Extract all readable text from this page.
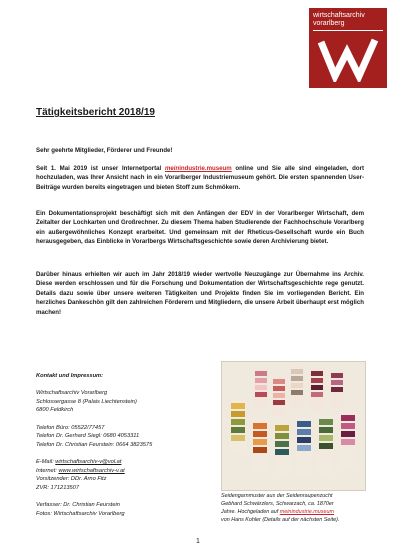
wirtschaftsarchiv
vorarlberg
Tätigkeitsbericht 2018/19

Sehr geehrte Mitglieder, Förderer und Freunde!

Seit 1. Mai 2019 ist unser Internetportal meinindustrie.museum online und Sie alle sind eingeladen, dort hochzuladen, was Ihrer Ansicht nach in ein Vorarlberger Industriemuseum gehört. Die ersten spannenden User-Beiträge wurden bereits eingetragen und bieten Stoff zum Schmökern.

Ein Dokumentationsprojekt beschäftigt sich mit den Anfängen der EDV in der Vorarlberger Wirtschaft, dem Zeitalter der Lochkarten und Großrechner. Zu diesem Thema haben Studierende der Fachhochschule Vorarlberg ein außergewöhnliches Konzept erarbeitet. Und gemeinsam mit der Rheticus-Gesellschaft wurde ein Buch herausgegeben, das Einblicke in Vorarlbergs Wirtschaftsgeschichte sowie deren Archivierung bietet.

Darüber hinaus erhielten wir auch im Jahr 2018/19 wieder wertvolle Neuzugänge zur Übernahme ins Archiv. Diese werden erschlossen und für die Forschung und Dokumentation der Wirtschaftsgeschichte rege genutzt. Details dazu sowie über unsere weiteren Tätigkeiten und Projekte finden Sie im vorliegenden Bericht. Ein herzliches Dankeschön gilt den zahlreichen Förderern und Mitgliedern, die unsere Arbeit überhaupt erst möglich machen!

Kontakt und Impressum:
Wirtschaftsarchiv Vorarlberg
Schlossergasse 8 (Palais Liechtenstein)
6800 Feldkirch
Telefon Büro: 05522/77457
Telefon Dr. Gerhard Siegl: 0680 4053311
Telefon Dr. Christian Feurstein: 0664 3823575
E-Mail: wirtschaftsarchiv-v@vol.at
Internet: www.wirtschaftsarchiv-v.at
Vorsitzender: DDr. Arno Fitz
ZVR: 171213507
Verfasser: Dr. Christian Feurstein
Fotos: Wirtschaftsarchiv Vorarlberg
Seidengarnmuster aus der Seidenraupenzucht
Gebhard Schwärzlers, Schwarzach, ca. 1870er
Jahre. Hochgeladen auf meinindustrie.museum
von Hans Kohler (Details auf der nächsten Seite).
1
